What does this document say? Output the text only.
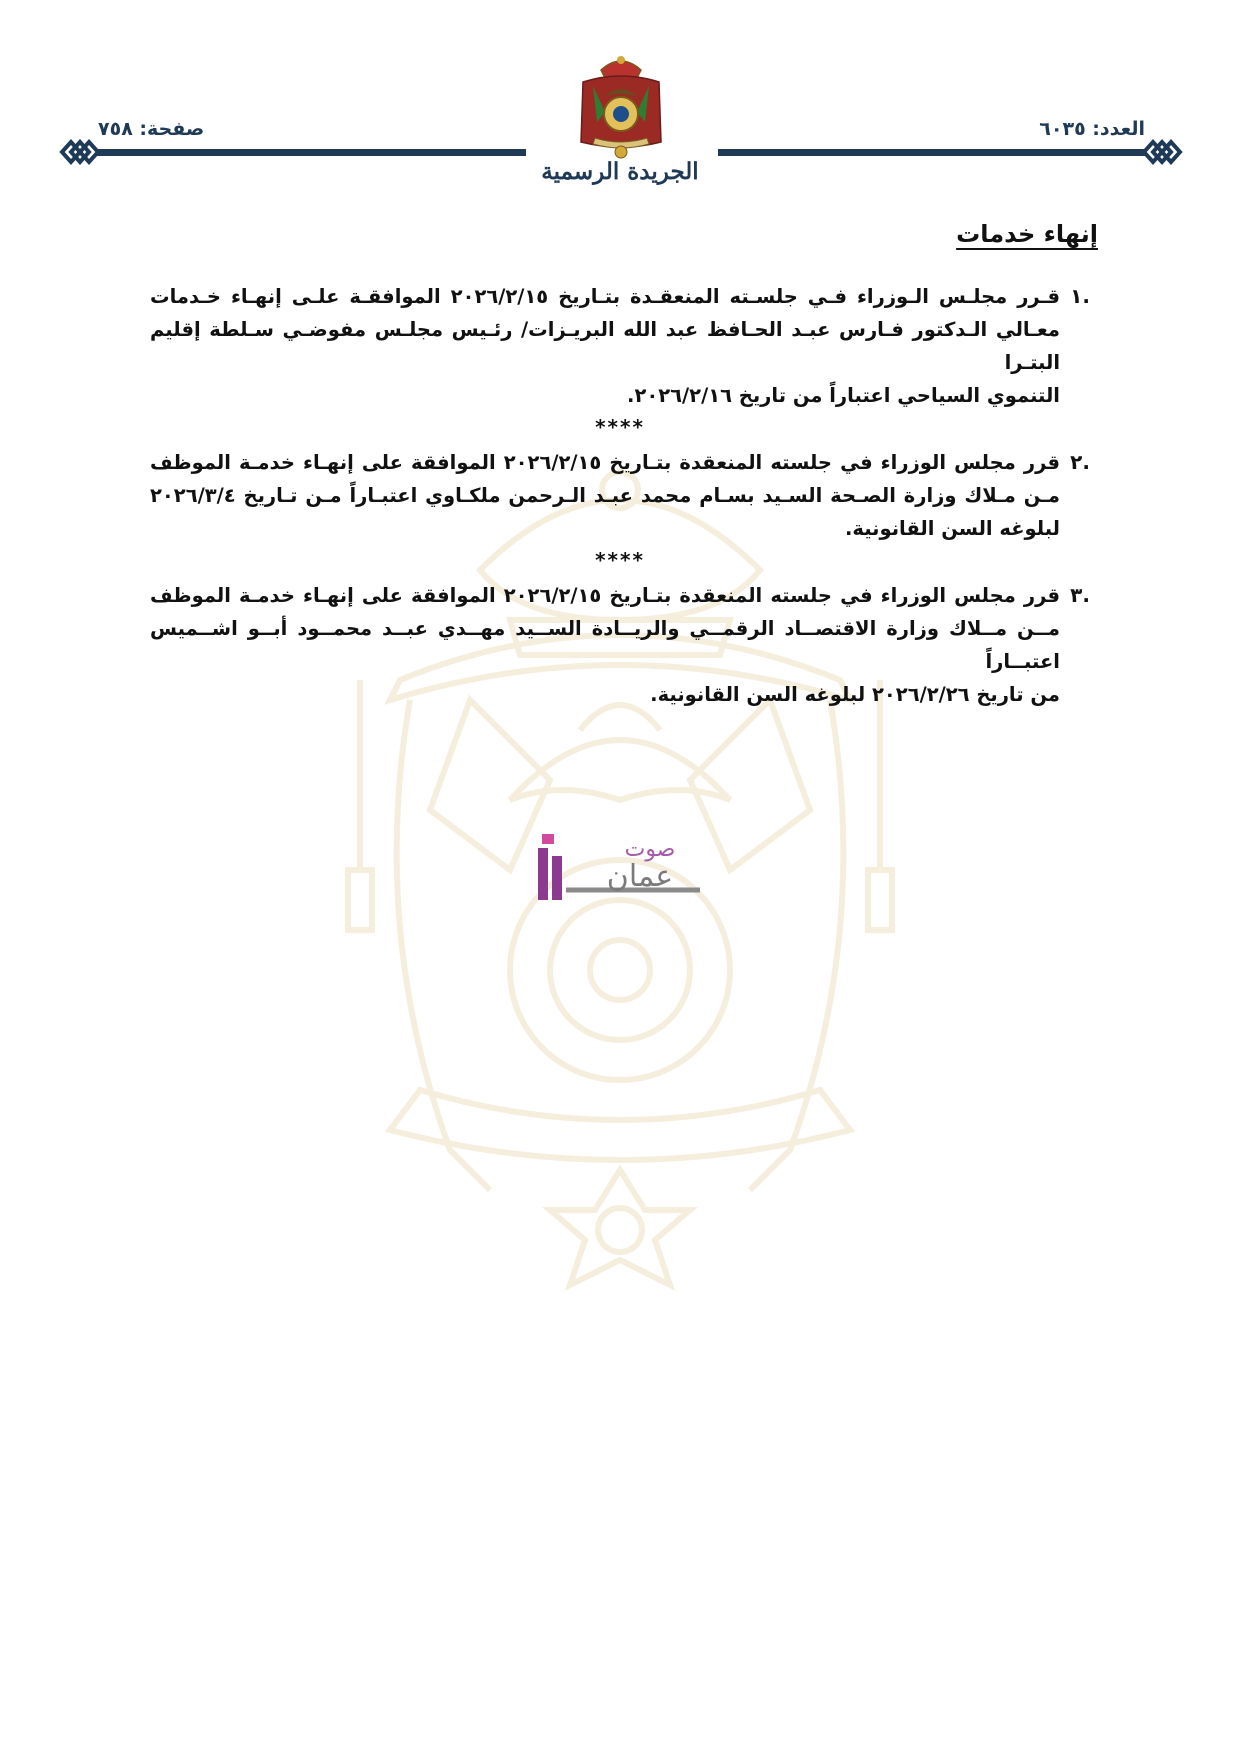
العدد: ٦٠٣٥
صفحة: ٧٥٨
الجريدة الرسمية
إنهاء خدمات
.١
قـرر مجلـس الـوزراء فـي جلسـته المنعقـدة بتـاريخ ٢٠٢٦/٢/١٥ الموافقـة علـى إنهـاء خـدمات
معـالي الـدكتور فـارس عبـد الحـافظ عبد الله البريـزات/ رئـيس مجلـس مفوضـي سـلطة إقليم البتـرا
التنموي السياحي اعتباراً من تاريخ ٢٠٢٦/٢/١٦.
****
.٢
قرر مجلس الوزراء في جلسته المنعقدة بتـاريخ ٢٠٢٦/٢/١٥ الموافقة على إنهـاء خدمـة الموظف
مـن مـلاك وزارة الصـحة السـيد بسـام محمد عبـد الـرحمن ملكـاوي اعتبـاراً مـن تـاريخ ٢٠٢٦/٣/٤
لبلوغه السن القانونية.
****
.٣
قرر مجلس الوزراء في جلسته المنعقدة بتـاريخ ٢٠٢٦/٢/١٥ الموافقة على إنهـاء خدمـة الموظف
مــن مــلاك وزارة الاقتصــاد الرقمــي والريــادة الســيد مهــدي عبــد محمــود أبــو اشــميس اعتبــاراً
من تاريخ ٢٠٢٦/٢/٢٦ لبلوغه السن القانونية.
صوت
عمان
